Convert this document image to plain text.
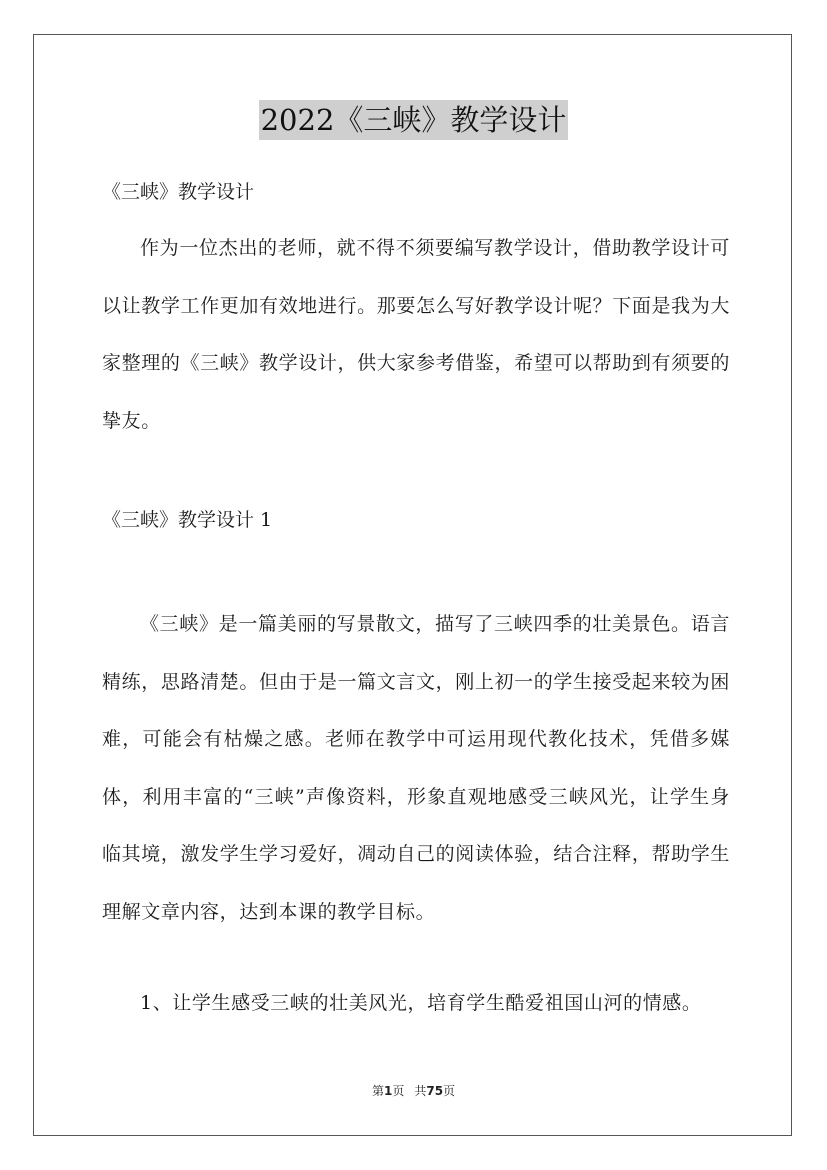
2022《三峡》教学设计
《三峡》教学设计
作为一位杰出的老师，就不得不须要编写教学设计，借助教学设计可以让教学工作更加有效地进行。那要怎么写好教学设计呢？下面是我为大家整理的《三峡》教学设计，供大家参考借鉴，希望可以帮助到有须要的挚友。
《三峡》教学设计 1
《三峡》是一篇美丽的写景散文，描写了三峡四季的壮美景色。语言精练，思路清楚。但由于是一篇文言文，刚上初一的学生接受起来较为困难，可能会有枯燥之感。老师在教学中可运用现代教化技术，凭借多媒体，利用丰富的“三峡”声像资料，形象直观地感受三峡风光，让学生身临其境，激发学生学习爱好，凋动自己的阅读体验，结合注释，帮助学生理解文章内容，达到本课的教学目标。
1、让学生感受三峡的壮美风光，培育学生酷爱祖国山河的情感。
第1页 共75页
